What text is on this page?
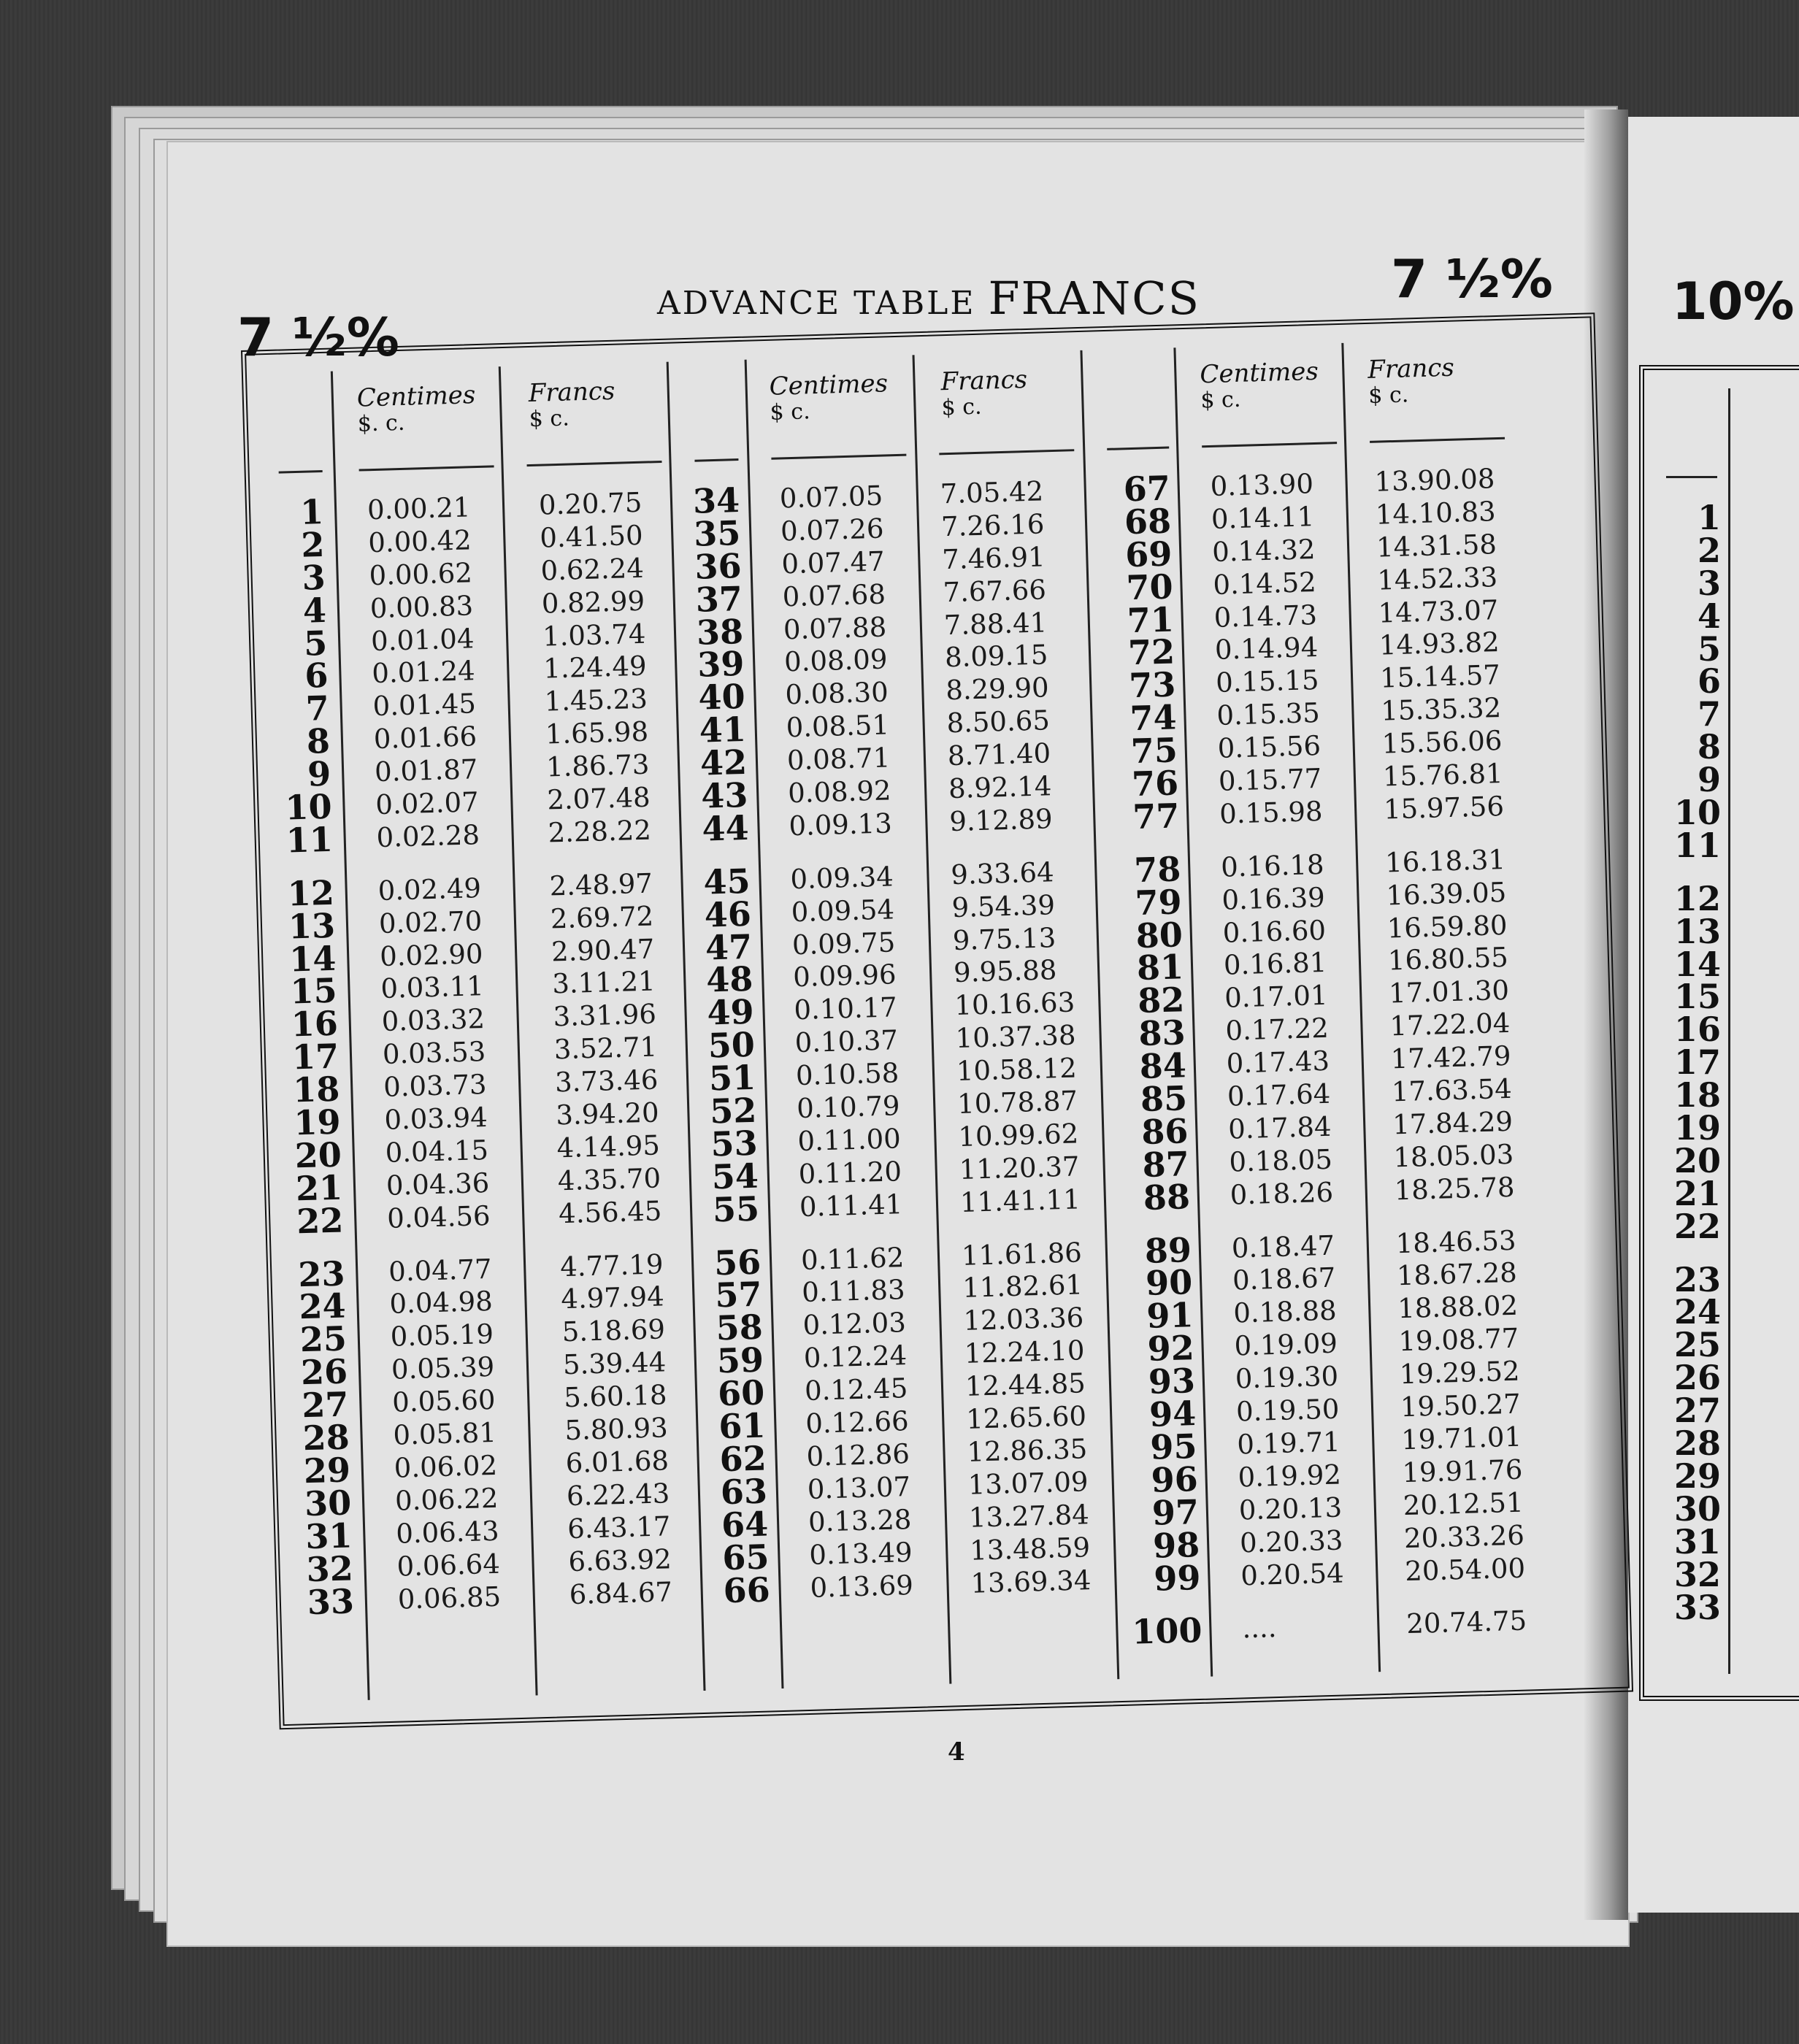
7 ½%
7 ½% 10%
ADVANCE TABLE FRANCS
Centimes
$. c.
Francs
$ c.
Centimes
$ c.
Francs
$ c.
Centimes
$ c.
Francs
$ c.
1
2
3
4
5
6
7
8
9
10
11
12
13
14
15
16
17
18
19
20
21
22
23
24
25
26
27
28
29
30
31
32
33
0.00.21
0.00.42
0.00.62
0.00.83
0.01.04
0.01.24
0.01.45
0.01.66
0.01.87
0.02.07
0.02.28
0.02.49
0.02.70
0.02.90
0.03.11
0.03.32
0.03.53
0.03.73
0.03.94
0.04.15
0.04.36
0.04.56
0.04.77
0.04.98
0.05.19
0.05.39
0.05.60
0.05.81
0.06.02
0.06.22
0.06.43
0.06.64
0.06.85
0.20.75
0.41.50
0.62.24
0.82.99
1.03.74
1.24.49
1.45.23
1.65.98
1.86.73
2.07.48
2.28.22
2.48.97
2.69.72
2.90.47
3.11.21
3.31.96
3.52.71
3.73.46
3.94.20
4.14.95
4.35.70
4.56.45
4.77.19
4.97.94
5.18.69
5.39.44
5.60.18
5.80.93
6.01.68
6.22.43
6.43.17
6.63.92
6.84.67
34
35
36
37
38
39
40
41
42
43
44
45
46
47
48
49
50
51
52
53
54
55
56
57
58
59
60
61
62
63
64
65
66
0.07.05
0.07.26
0.07.47
0.07.68
0.07.88
0.08.09
0.08.30
0.08.51
0.08.71
0.08.92
0.09.13
0.09.34
0.09.54
0.09.75
0.09.96
0.10.17
0.10.37
0.10.58
0.10.79
0.11.00
0.11.20
0.11.41
0.11.62
0.11.83
0.12.03
0.12.24
0.12.45
0.12.66
0.12.86
0.13.07
0.13.28
0.13.49
0.13.69
7.05.42
7.26.16
7.46.91
7.67.66
7.88.41
8.09.15
8.29.90
8.50.65
8.71.40
8.92.14
9.12.89
9.33.64
9.54.39
9.75.13
9.95.88
10.16.63
10.37.38
10.58.12
10.78.87
10.99.62
11.20.37
11.41.11
11.61.86
11.82.61
12.03.36
12.24.10
12.44.85
12.65.60
12.86.35
13.07.09
13.27.84
13.48.59
13.69.34
67
68
69
70
71
72
73
74
75
76
77
78
79
80
81
82
83
84
85
86
87
88
89
90
91
92
93
94
95
96
97
98
99
100
0.13.90
0.14.11
0.14.32
0.14.52
0.14.73
0.14.94
0.15.15
0.15.35
0.15.56
0.15.77
0.15.98
0.16.18
0.16.39
0.16.60
0.16.81
0.17.01
0.17.22
0.17.43
0.17.64
0.17.84
0.18.05
0.18.26
0.18.47
0.18.67
0.18.88
0.19.09
0.19.30
0.19.50
0.19.71
0.19.92
0.20.13
0.20.33
0.20.54
....
13.90.08
14.10.83
14.31.58
14.52.33
14.73.07
14.93.82
15.14.57
15.35.32
15.56.06
15.76.81
15.97.56
16.18.31
16.39.05
16.59.80
16.80.55
17.01.30
17.22.04
17.42.79
17.63.54
17.84.29
18.05.03
18.25.78
18.46.53
18.67.28
18.88.02
19.08.77
19.29.52
19.50.27
19.71.01
19.91.76
20.12.51
20.33.26
20.54.00
20.74.75
4
1
2
3
4
5
6
7
8
9
10
11
12
13
14
15
16
17
18
19
20
21
22
23
24
25
26
27
28
29
30
31
32
33
